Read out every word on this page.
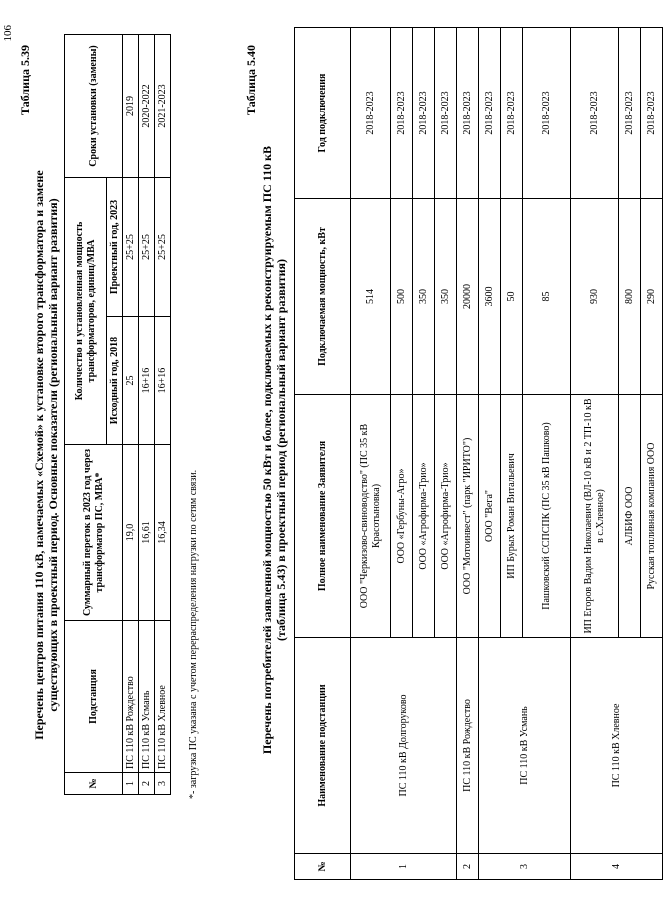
106
Таблица 5.39
Перечень центров питания 110 кВ, намечаемых «Схемой» к установке второго трансформатора и замене существующих в проектный период. Основные показатели (региональный вариант развития)
№	Подстанция	Суммарный переток в 2023 год через трансформатор ПС, МВА*	Количество и установленная мощность трансформаторов, единиц/МВА		Сроки установки (замены)
			Исходный год, 2018	Проектный год, 2023	
1	ПС 110 кВ Рождество	19,0	25	25+25	2019
2	ПС 110 кВ Усмань	16,61	16+16	25+25	2020-2022
3	ПС 110 кВ Хлевное	16,34	16+16	25+25	2021-2023
*- загрузка ПС указана с учетом перераспределения нагрузки по сетям связи.
Таблица 5.40
Перечень потребителей заявленной мощностью 50 кВт и более, подключаемых к реконструируемым ПС 110 кВ (таблица 5.43) в проектный период (региональный вариант развития)
№	Наименование подстанции	Полное наименование Заявителя	Подключаемая мощность, кВт	Год подключения
1	ПС 110 кВ Долгоруково	ООО "Черкизово-свиноводство" (ПС 35 кВ Красотыновка)	514	2018-2023
		ООО «Гербуны-Агро»	500	2018-2023
		ООО «Агрофирма-Трио»	350	2018-2023
		ООО «Агрофирма-Трио»	350	2018-2023
2	ПС 110 кВ Рождество	ООО "Мотоинвест" (парк "ИРИТО")	20000	2018-2023
3	ПС 110 кВ Усмань	ООО "Вега"	3600	2018-2023
		ИП Бурых Роман Витальевич	50	2018-2023
		Пашковский ССПСПК (ПС 35 кВ Пашково)	85	2018-2023
4	ПС 110 кВ Хлевное	ИП Егоров Вадим Николаевич (ВЛ-10 кВ и 2 ТП-10 кВ в с.Хлевное)	930	2018-2023
		АЛБИФ ООО	800	2018-2023
		Русская топливная компания ООО	290	2018-2023
